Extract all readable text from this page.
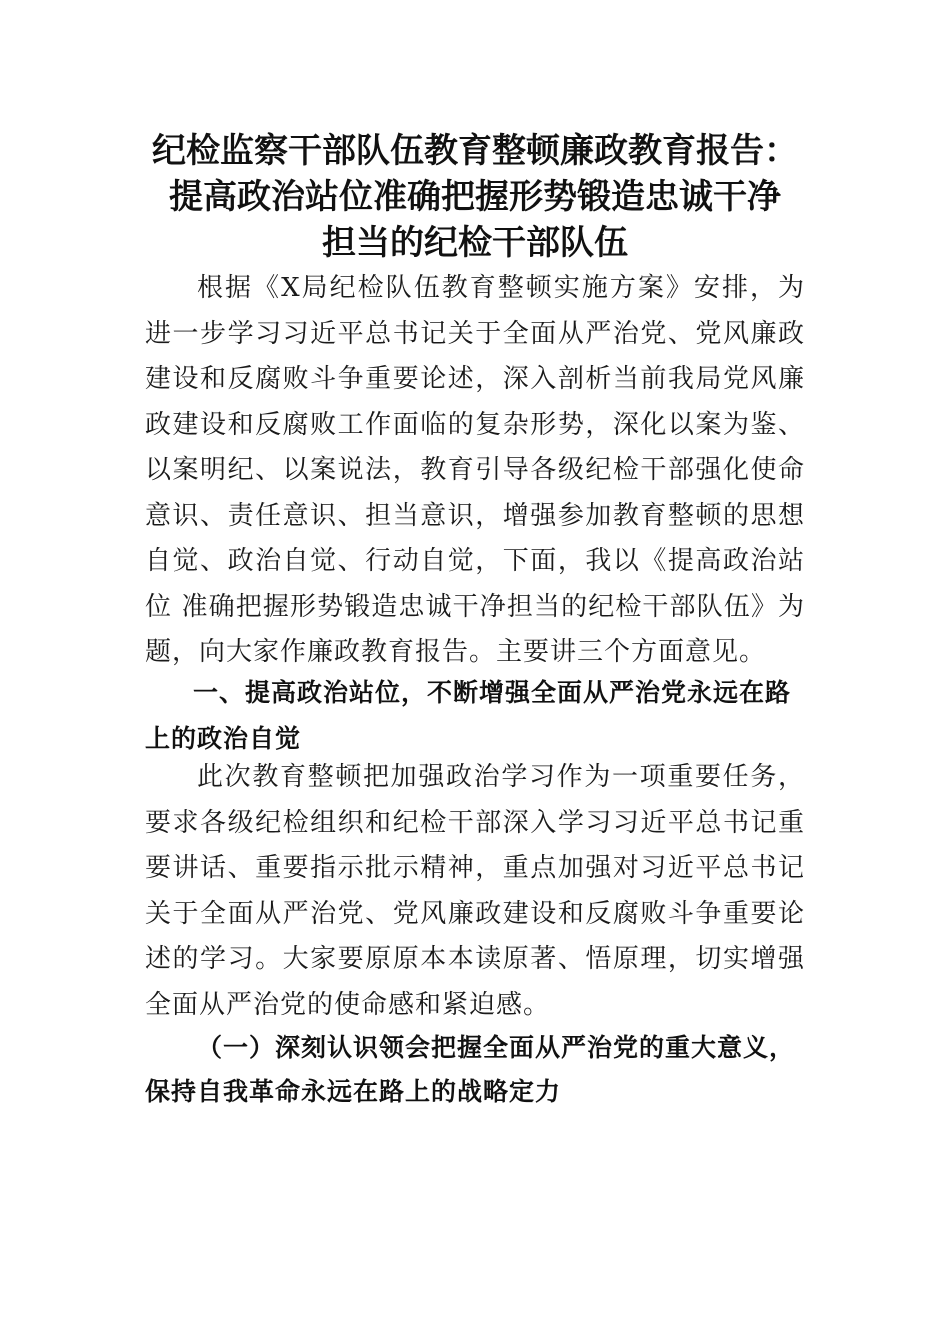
纪检监察干部队伍教育整顿廉政教育报告：
提高政治站位准确把握形势锻造忠诚干净
担当的纪检干部队伍

根据《X局纪检队伍教育整顿实施方案》安排，为进一步学习习近平总书记关于全面从严治党、党风廉政建设和反腐败斗争重要论述，深入剖析当前我局党风廉政建设和反腐败工作面临的复杂形势，深化以案为鉴、以案明纪、以案说法，教育引导各级纪检干部强化使命意识、责任意识、担当意识，增强参加教育整顿的思想自觉、政治自觉、行动自觉，下面，我以《提高政治站位 准确把握形势锻造忠诚干净担当的纪检干部队伍》为题，向大家作廉政教育报告。主要讲三个方面意见。

一、提高政治站位，不断增强全面从严治党永远在路上的政治自觉

此次教育整顿把加强政治学习作为一项重要任务，要求各级纪检组织和纪检干部深入学习习近平总书记重要讲话、重要指示批示精神，重点加强对习近平总书记关于全面从严治党、党风廉政建设和反腐败斗争重要论述的学习。大家要原原本本读原著、悟原理，切实增强全面从严治党的使命感和紧迫感。

（一）深刻认识领会把握全面从严治党的重大意义，保持自我革命永远在路上的战略定力
